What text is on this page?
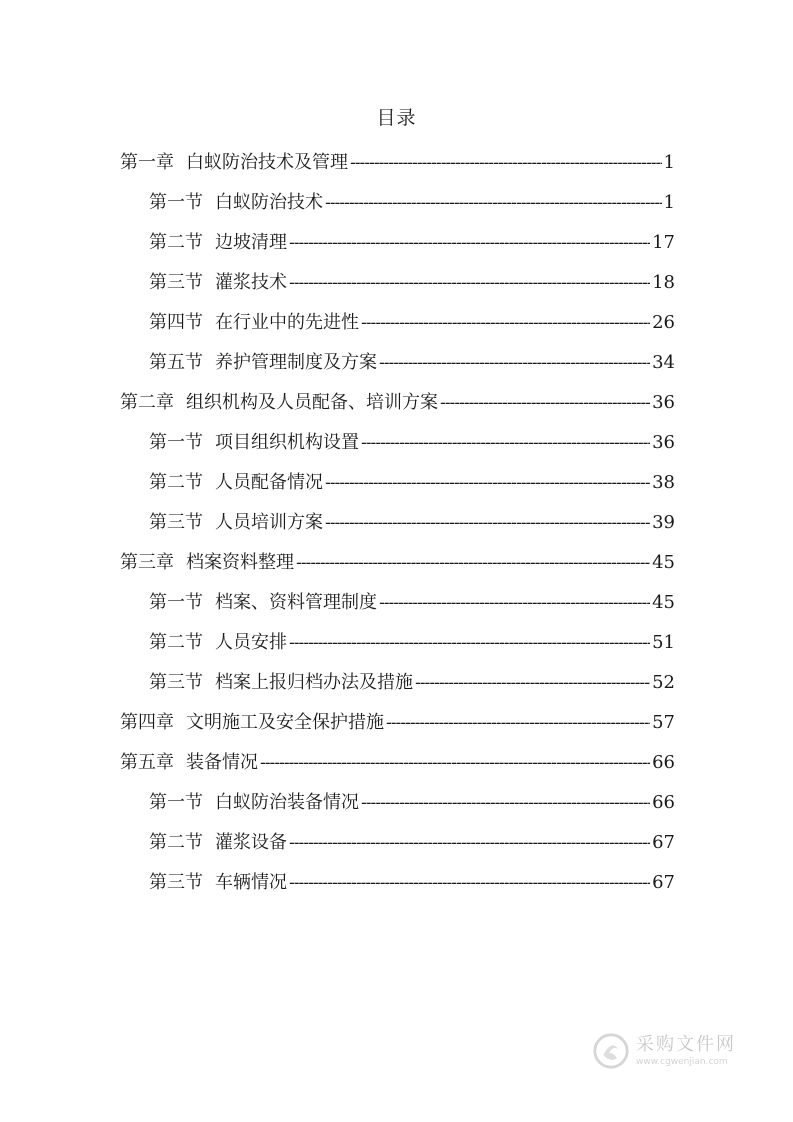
目录
第一章 白蚁防治技术及管理 -----	1
第一节 白蚁防治技术 -----	1
第二节 边坡清理 -----	17
第三节 灌浆技术 -----	18
第四节 在行业中的先进性 -----	26
第五节 养护管理制度及方案 -----	34
第二章 组织机构及人员配备、培训方案 -----	36
第一节 项目组织机构设置 -----	36
第二节 人员配备情况 -----	38
第三节 人员培训方案 -----	39
第三章 档案资料整理 -----	45
第一节 档案、资料管理制度 -----	45
第二节 人员安排 -----	51
第三节 档案上报归档办法及措施 -----	52
第四章 文明施工及安全保护措施 -----	57
第五章 装备情况 -----	66
第一节 白蚁防治装备情况 -----	66
第二节 灌浆设备 -----	67
第三节 车辆情况 -----	67
采购文件网
www.cgwenjian.com
